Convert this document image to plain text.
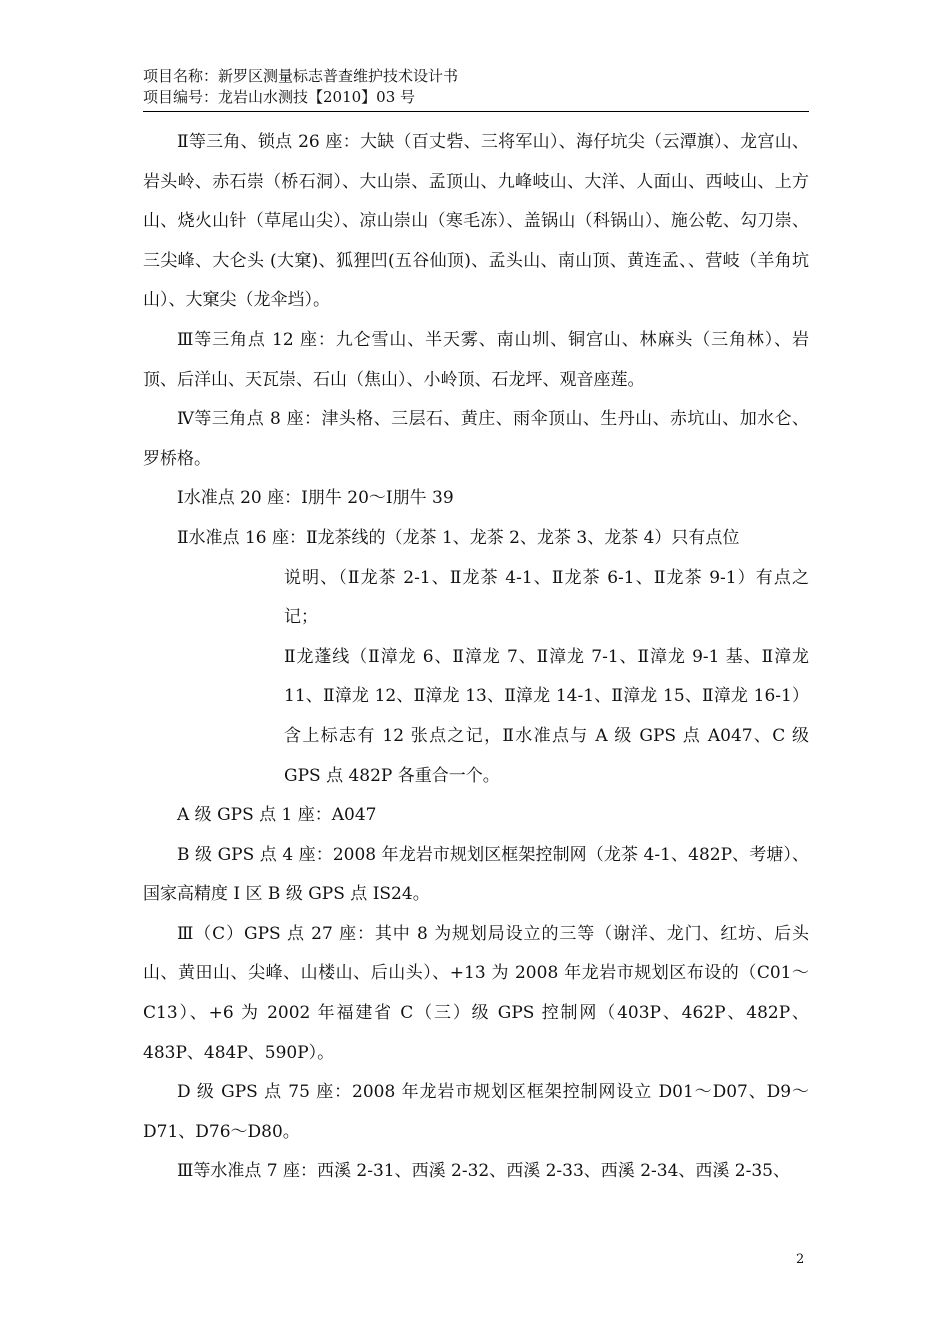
项目名称：新罗区测量标志普查维护技术设计书
项目编号：龙岩山水测技【2010】03 号

Ⅱ等三角、锁点 26 座：大缺（百丈砦、三将军山）、海仔坑尖（云潭旗）、龙宫山、岩头岭、赤石崇（桥石洞）、大山崇、孟顶山、九峰岐山、大洋、人面山、西岐山、上方山、烧火山针（草尾山尖）、凉山崇山（寒毛冻）、盖锅山（科锅山）、施公乾、勾刀崇、三尖峰、大仑头 (大窠)、狐狸凹(五谷仙顶)、孟头山、南山顶、黄连孟、、营岐（羊角坑山）、大窠尖（龙伞垱）。

Ⅲ等三角点 12 座：九仑雪山、半天雾、南山圳、铜宫山、林麻头（三角林）、岩顶、后洋山、天瓦崇、石山（焦山）、小岭顶、石龙坪、观音座莲。

Ⅳ等三角点 8 座：津头格、三层石、黄庄、雨伞顶山、生丹山、赤坑山、加水仑、罗桥格。

Ⅰ水准点 20 座：Ⅰ朋牛 20～Ⅰ朋牛 39

Ⅱ水准点 16 座：Ⅱ龙茶线的（龙茶 1、龙茶 2、龙茶 3、龙茶 4）只有点位

说明、（Ⅱ龙茶 2-1、Ⅱ龙茶 4-1、Ⅱ龙茶 6-1、Ⅱ龙茶 9-1）有点之记；

Ⅱ龙蓬线（Ⅱ漳龙 6、Ⅱ漳龙 7、Ⅱ漳龙 7-1、Ⅱ漳龙 9-1 基、Ⅱ漳龙 11、Ⅱ漳龙 12、Ⅱ漳龙 13、Ⅱ漳龙 14-1、Ⅱ漳龙 15、Ⅱ漳龙 16-1）含上标志有 12 张点之记，Ⅱ水准点与 A 级 GPS 点 A047、C 级 GPS 点 482P 各重合一个。

A 级 GPS 点 1 座：A047

B 级 GPS 点 4 座：2008 年龙岩市规划区框架控制网（龙茶 4-1、482P、考塘）、国家高精度 I 区 B 级 GPS 点 IS24。

Ⅲ（C）GPS 点 27 座：其中 8 为规划局设立的三等（谢洋、龙门、红坊、后头山、黄田山、尖峰、山楼山、后山头）、+13 为 2008 年龙岩市规划区布设的（C01～C13）、+6 为 2002 年福建省 C（三）级 GPS 控制网（403P、462P、482P、483P、484P、590P）。

D 级 GPS 点 75 座：2008 年龙岩市规划区框架控制网设立 D01～D07、D9～D71、D76～D80。

Ⅲ等水准点 7 座：西溪 2-31、西溪 2-32、西溪 2-33、西溪 2-34、西溪 2-35、

2
